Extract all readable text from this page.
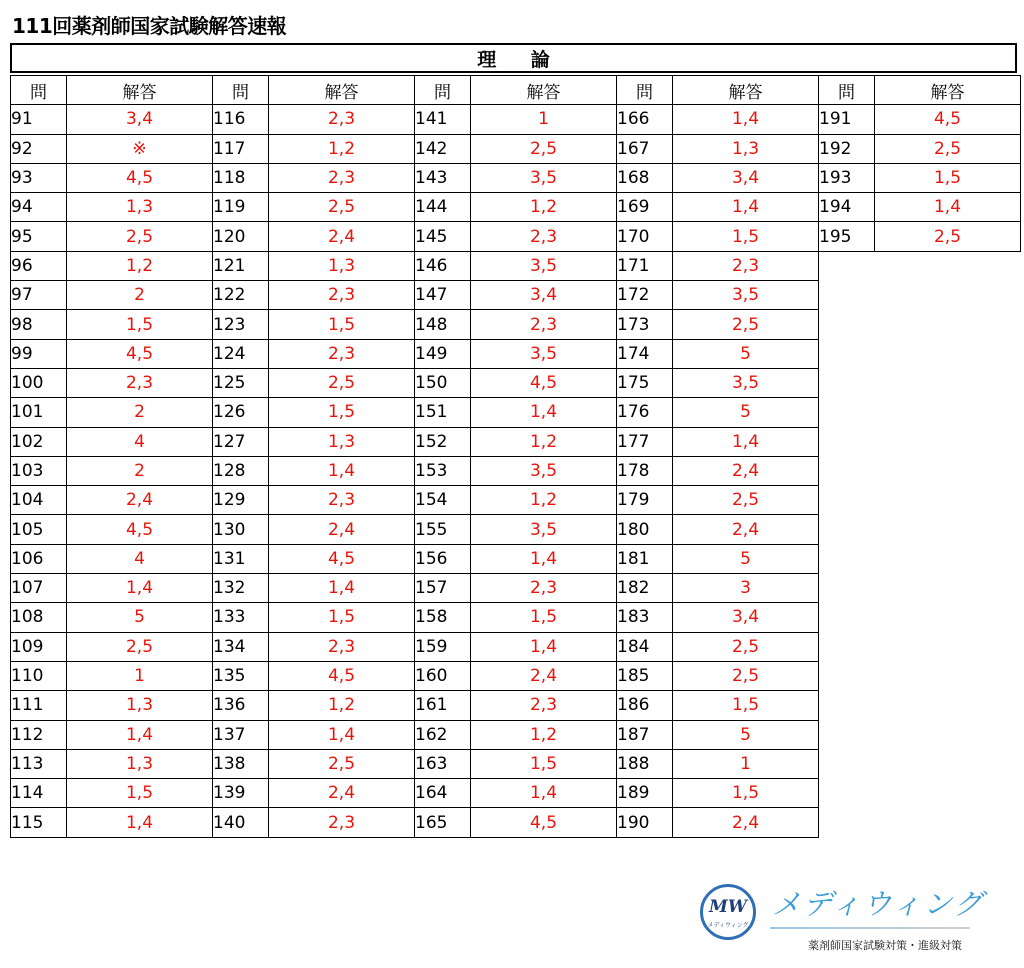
111回薬剤師国家試験解答速報
理 論
問	解答
91	3,4
92	※
93	4,5
94	1,3
95	2,5
96	1,2
97	2
98	1,5
99	4,5
100	2,3
101	2
102	4
103	2
104	2,4
105	4,5
106	4
107	1,4
108	5
109	2,5
110	1
111	1,3
112	1,4
113	1,3
114	1,5
115	1,4
問	解答
116	2,3
117	1,2
118	2,3
119	2,5
120	2,4
121	1,3
122	2,3
123	1,5
124	2,3
125	2,5
126	1,5
127	1,3
128	1,4
129	2,3
130	2,4
131	4,5
132	1,4
133	1,5
134	2,3
135	4,5
136	1,2
137	1,4
138	2,5
139	2,4
140	2,3
問	解答
141	1
142	2,5
143	3,5
144	1,2
145	2,3
146	3,5
147	3,4
148	2,3
149	3,5
150	4,5
151	1,4
152	1,2
153	3,5
154	1,2
155	3,5
156	1,4
157	2,3
158	1,5
159	1,4
160	2,4
161	2,3
162	1,2
163	1,5
164	1,4
165	4,5
問	解答
166	1,4
167	1,3
168	3,4
169	1,4
170	1,5
171	2,3
172	3,5
173	2,5
174	5
175	3,5
176	5
177	1,4
178	2,4
179	2,5
180	2,4
181	5
182	3
183	3,4
184	2,5
185	2,5
186	1,5
187	5
188	1
189	1,5
190	2,4
問	解答
191	4,5
192	2,5
193	1,5
194	1,4
195	2,5
MW
メディウィング
メディウィング
薬剤師国家試験対策・進級対策
